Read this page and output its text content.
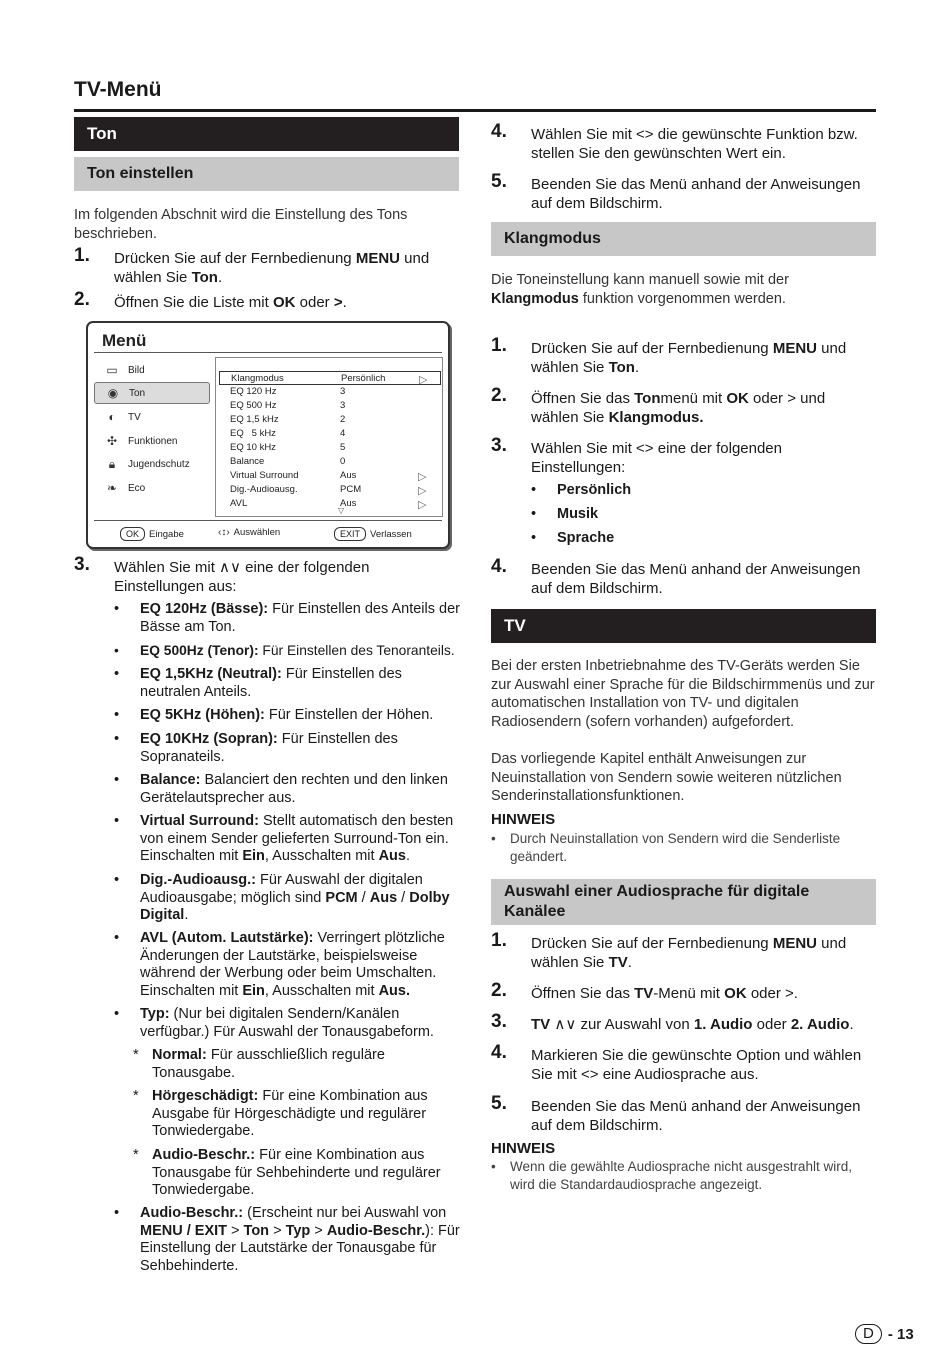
TV-Menü
Ton
Ton einstellen
Im folgenden Abschnit wird die Einstellung des Tons beschrieben.
1. Drücken Sie auf der Fernbedienung MENU und wählen Sie Ton.
2. Öffnen Sie die Liste mit OK oder >.
Menü
▭	Bild
◉	Ton
◐	TV
✣	Funktionen
🔒︎	Jugendschutz
❧	Eco
Klangmodus	Persönlich	▷
EQ 120 Hz	3
EQ 500 Hz	3
EQ 1,5 kHz	2
EQ   5 kHz	4
EQ 10 kHz	5
Balance	0
Virtual Surround	Aus	▷
Dig.-Audioausg.	PCM	▷
AVL	Aus	▷
▽
OK	Eingabe	‹↕› Auswählen	EXIT	Verlassen
3. Wählen Sie mit ∧∨ eine der folgenden Einstellungen aus:
• EQ 120Hz (Bässe): Für Einstellen des Anteils der Bässe am Ton.
• EQ 500Hz (Tenor): Für Einstellen des Tenoranteils.
• EQ 1,5KHz (Neutral): Für Einstellen des neutralen Anteils.
• EQ 5KHz (Höhen): Für Einstellen der Höhen.
• EQ 10KHz (Sopran): Für Einstellen des Sopranateils.
• Balance: Balanciert den rechten und den linken Gerätelautsprecher aus.
• Virtual Surround: Stellt automatisch den besten von einem Sender gelieferten Surround-Ton ein. Einschalten mit Ein, Ausschalten mit Aus.
• Dig.-Audioausg.: Für Auswahl der digitalen Audioausgabe; möglich sind PCM / Aus / Dolby Digital.
• AVL (Autom. Lautstärke): Verringert plötzliche Änderungen der Lautstärke, beispielsweise während der Werbung oder beim Umschalten. Einschalten mit Ein, Ausschalten mit Aus.
• Typ: (Nur bei digitalen Sendern/Kanälen verfügbar.) Für Auswahl der Tonausgabeform.
* Normal: Für ausschließlich reguläre Tonausgabe.
* Hörgeschädigt: Für eine Kombination aus Ausgabe für Hörgeschädigte und regulärer Tonwiedergabe.
* Audio-Beschr.: Für eine Kombination aus Tonausgabe für Sehbehinderte und regulärer Tonwiedergabe.
• Audio-Beschr.: (Erscheint nur bei Auswahl von MENU / EXIT > Ton > Typ > Audio-Beschr.): Für Einstellung der Lautstärke der Tonausgabe für Sehbehinderte.
4. Wählen Sie mit <> die gewünschte Funktion bzw. stellen Sie den gewünschten Wert ein.
5. Beenden Sie das Menü anhand der Anweisungen auf dem Bildschirm.
Klangmodus
Die Toneinstellung kann manuell sowie mit der Klangmodus funktion vorgenommen werden.
1. Drücken Sie auf der Fernbedienung MENU und wählen Sie Ton.
2. Öffnen Sie das Tonmenü mit OK oder > und wählen Sie Klangmodus.
3. Wählen Sie mit <> eine der folgenden Einstellungen:
• Persönlich
• Musik
• Sprache
4. Beenden Sie das Menü anhand der Anweisungen auf dem Bildschirm.
TV
Bei der ersten Inbetriebnahme des TV-Geräts werden Sie zur Auswahl einer Sprache für die Bildschirmmenüs und zur automatischen Installation von TV- und digitalen Radiosendern (sofern vorhanden) aufgefordert.
Das vorliegende Kapitel enthält Anweisungen zur Neuinstallation von Sendern sowie weiteren nützlichen Senderinstallationsfunktionen.
HINWEIS
• Durch Neuinstallation von Sendern wird die Senderliste geändert.
Auswahl einer Audiosprache für digitale Kanälee
1. Drücken Sie auf der Fernbedienung MENU und wählen Sie TV.
2. Öffnen Sie das TV-Menü mit OK oder >.
3. TV ∧∨ zur Auswahl von 1. Audio oder 2. Audio.
4. Markieren Sie die gewünschte Option und wählen Sie mit <> eine Audiosprache aus.
5. Beenden Sie das Menü anhand der Anweisungen auf dem Bildschirm.
HINWEIS
• Wenn die gewählte Audiosprache nicht ausgestrahlt wird, wird die Standardaudiosprache angezeigt.
D - 13
